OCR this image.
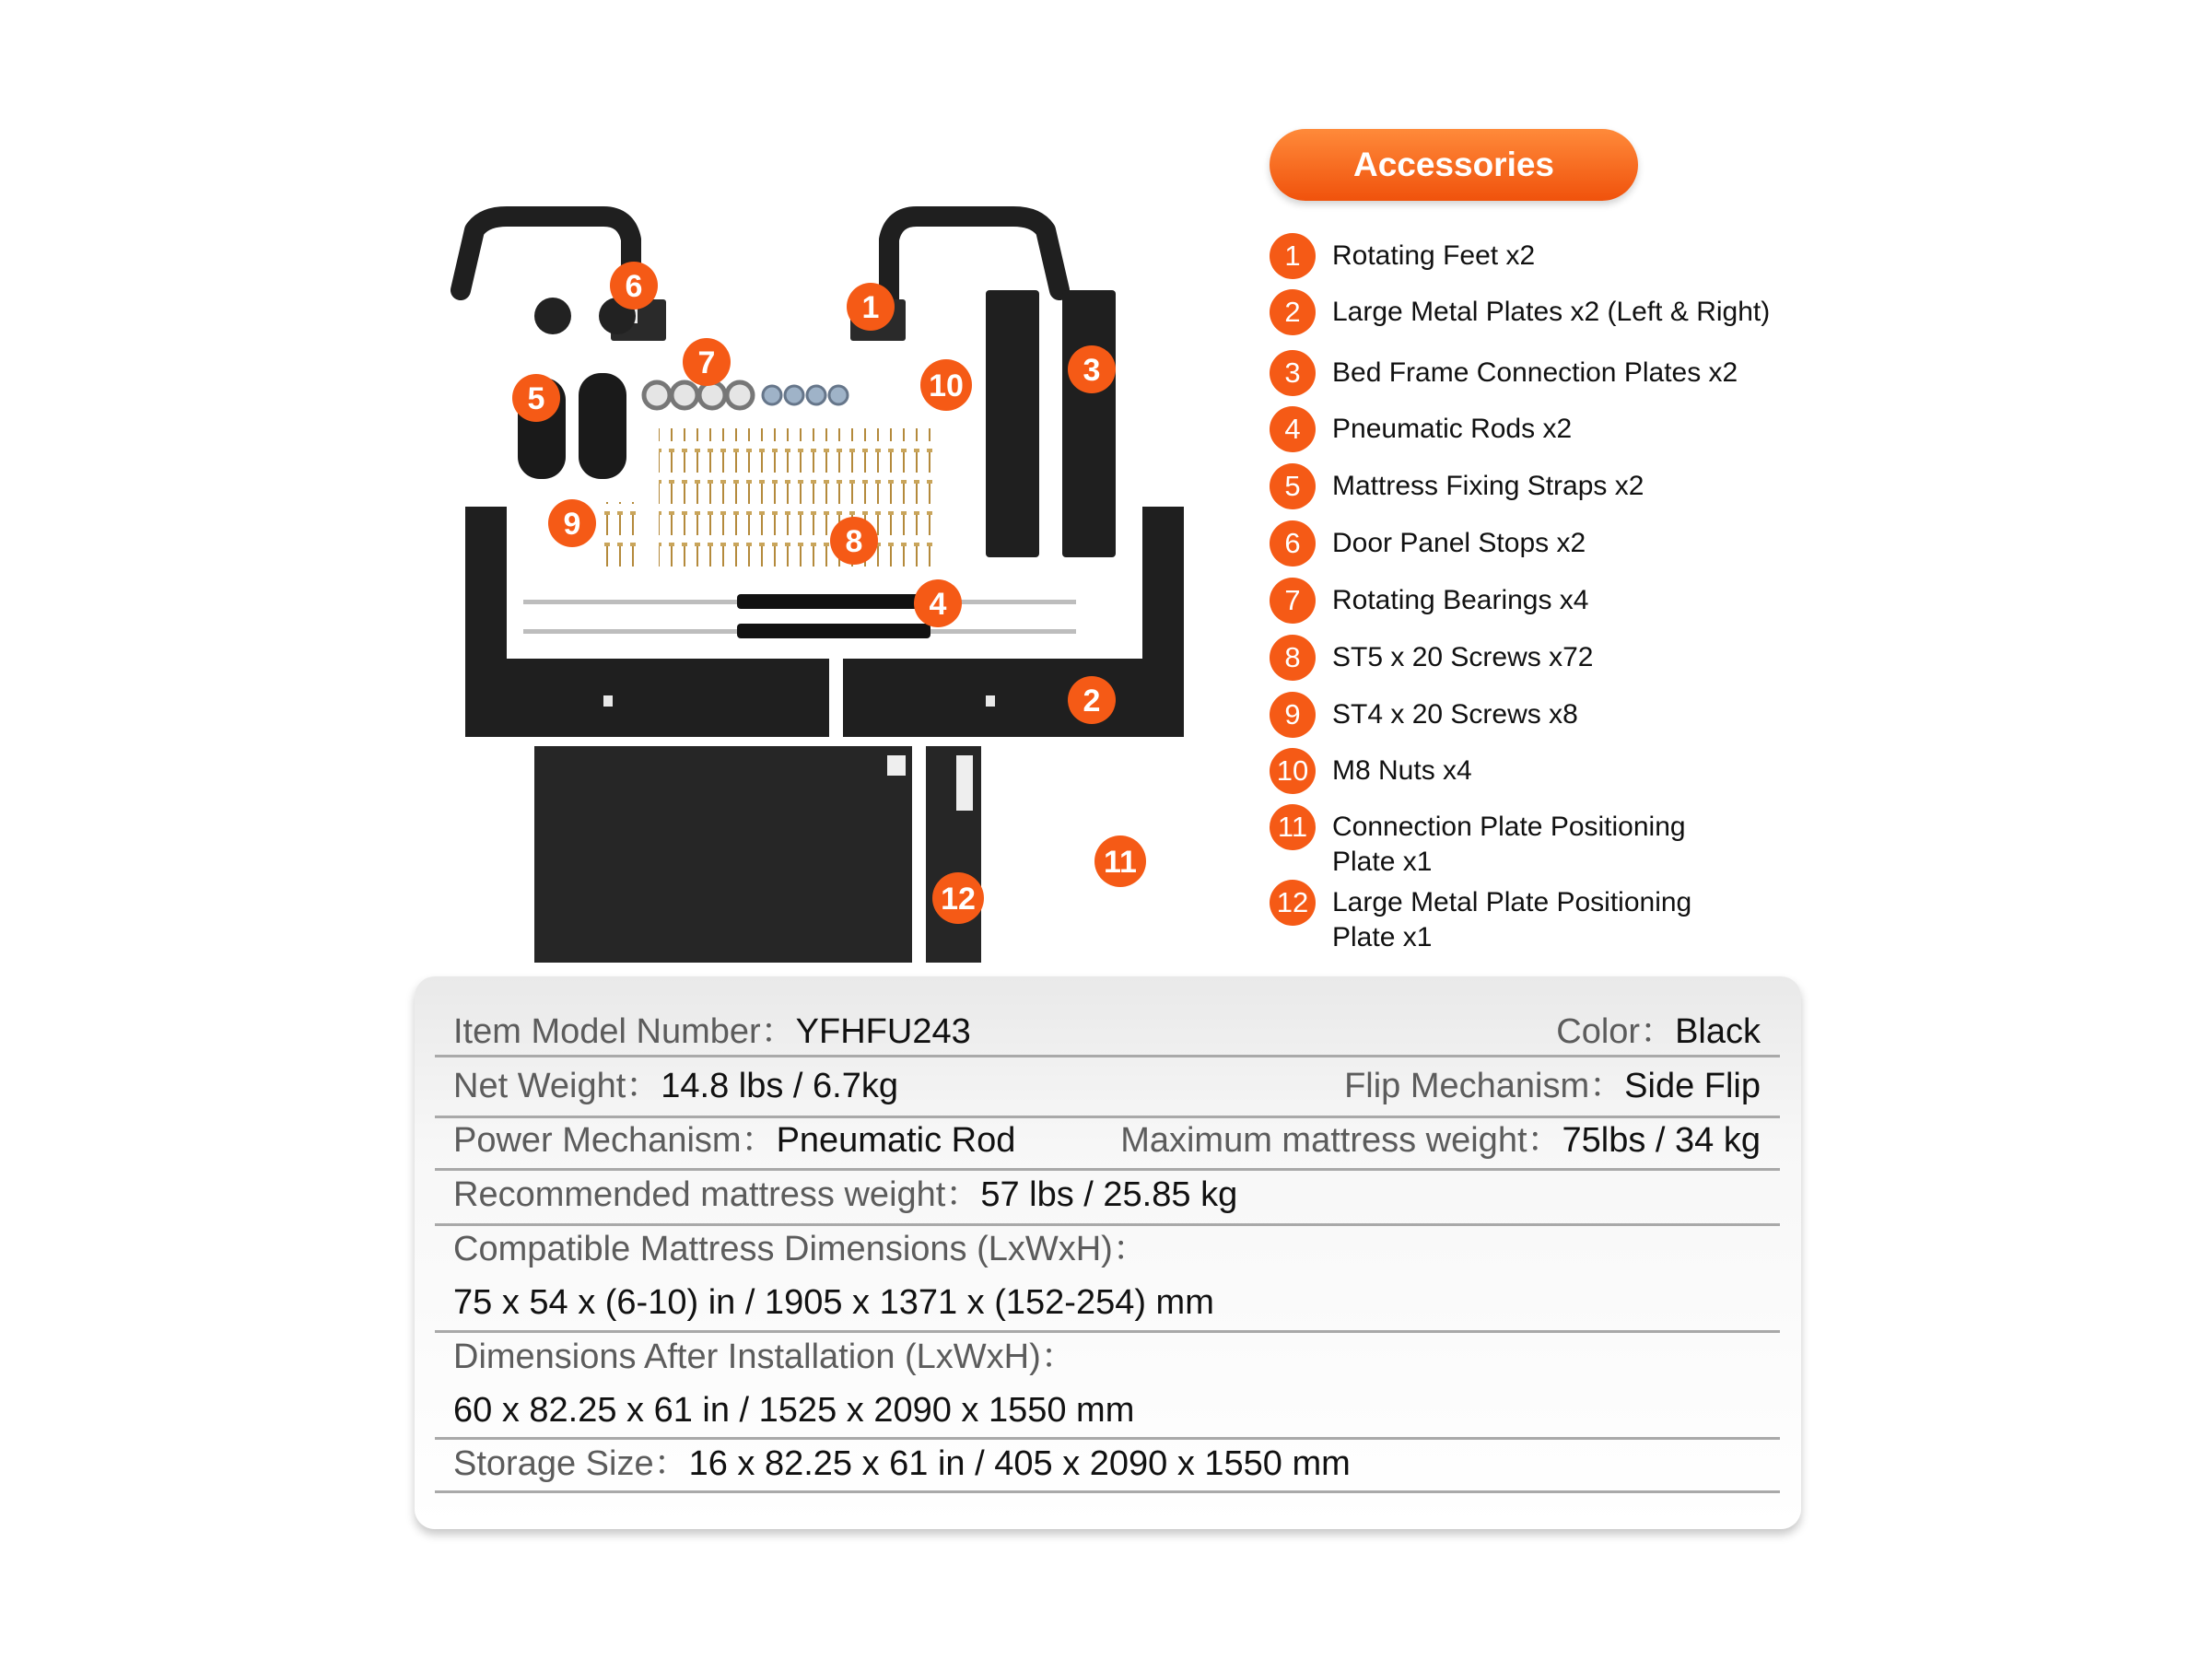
1
2
3
4
5
6
7
8
9
10
11
12
Accessories
1	Rotating Feet x2
2	Large Metal Plates x2 (Left & Right)
3	Bed Frame Connection Plates x2
4	Pneumatic Rods x2
5	Mattress Fixing Straps x2
6	Door Panel Stops x2
7	Rotating Bearings x4
8	ST5 x 20 Screws x72
9	ST4 x 20 Screws x8
10 M8 Nuts x4
11 Connection Plate Positioning Plate x1
12 Large Metal Plate Positioning Plate x1
Item Model Number：YFHFU243	Color：Black
Net Weight：14.8 lbs / 6.7kg	Flip Mechanism：Side Flip
Power Mechanism：Pneumatic Rod	Maximum mattress weight：75lbs / 34 kg
Recommended mattress weight：57 lbs / 25.85 kg
Compatible Mattress Dimensions (LxWxH)：
75 x 54 x (6-10) in / 1905 x 1371 x (152-254) mm
Dimensions After Installation (LxWxH)：
60 x 82.25 x 61 in / 1525 x 2090 x 1550 mm
Storage Size：16 x 82.25 x 61 in / 405 x 2090 x 1550 mm
